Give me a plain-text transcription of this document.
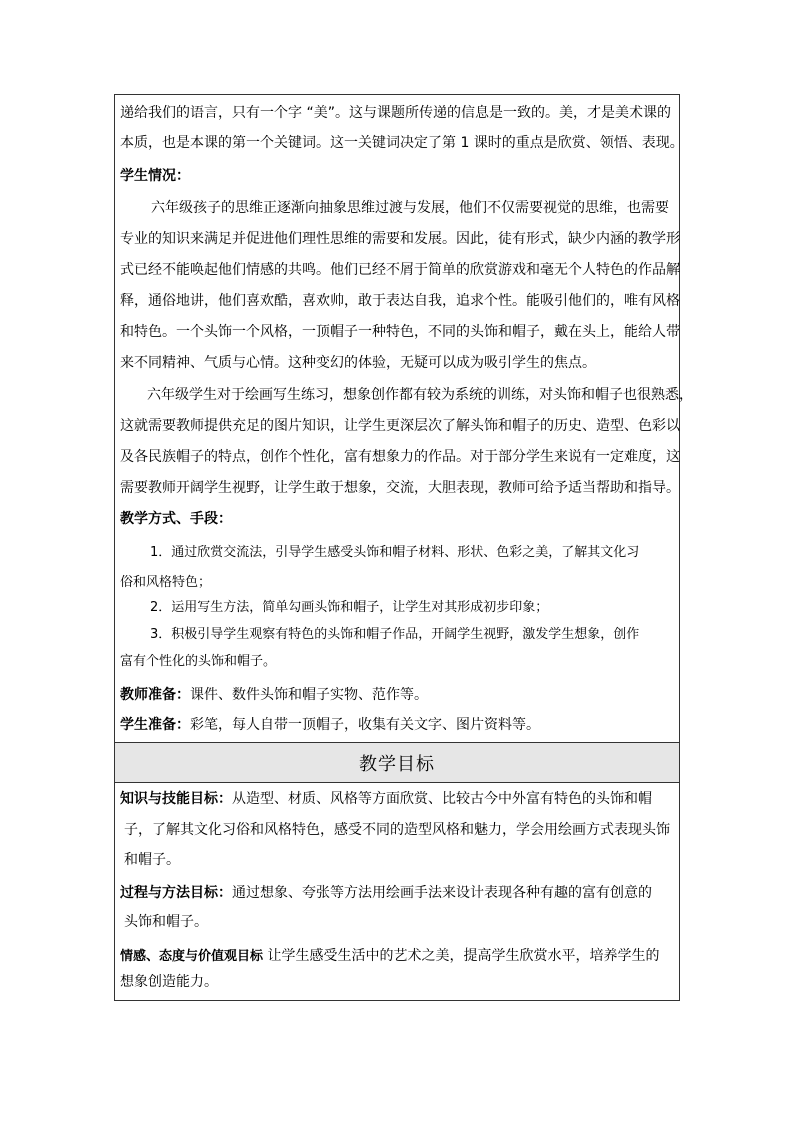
递给我们的语言，只有一个字 “美”。这与课题所传递的信息是一致的。美，才是美术课的
本质，也是本课的第一个关键词。这一关键词决定了第 1 课时的重点是欣赏、领悟、表现。
学生情况：
六年级孩子的思维正逐渐向抽象思维过渡与发展，他们不仅需要视觉的思维，也需要
专业的知识来满足并促进他们理性思维的需要和发展。因此，徒有形式，缺少内涵的教学形
式已经不能唤起他们情感的共鸣。他们已经不屑于简单的欣赏游戏和毫无个人特色的作品解
释，通俗地讲，他们喜欢酷，喜欢帅，敢于表达自我，追求个性。能吸引他们的，唯有风格
和特色。一个头饰一个风格，一顶帽子一种特色，不同的头饰和帽子，戴在头上，能给人带
来不同精神、气质与心情。这种变幻的体验，无疑可以成为吸引学生的焦点。
六年级学生对于绘画写生练习，想象创作都有较为系统的训练，对头饰和帽子也很熟悉，
这就需要教师提供充足的图片知识，让学生更深层次了解头饰和帽子的历史、造型、色彩以
及各民族帽子的特点，创作个性化，富有想象力的作品。对于部分学生来说有一定难度，这
需要教师开阔学生视野，让学生敢于想象，交流，大胆表现，教师可给予适当帮助和指导。
教学方式、手段：
1．通过欣赏交流法，引导学生感受头饰和帽子材料、形状、色彩之美，了解其文化习
俗和风格特色；
2．运用写生方法，简单勾画头饰和帽子，让学生对其形成初步印象；
3．积极引导学生观察有特色的头饰和帽子作品，开阔学生视野，激发学生想象，创作
富有个性化的头饰和帽子。
教师准备：课件、数件头饰和帽子实物、范作等。
学生准备：彩笔，每人自带一顶帽子，收集有关文字、图片资料等。
教学目标
知识与技能目标：从造型、材质、风格等方面欣赏、比较古今中外富有特色的头饰和帽
子，了解其文化习俗和风格特色，感受不同的造型风格和魅力，学会用绘画方式表现头饰
和帽子。
过程与方法目标：通过想象、夸张等方法用绘画手法来设计表现各种有趣的富有创意的
头饰和帽子。
情感、态度与价值观目标 让学生感受生活中的艺术之美，提高学生欣赏水平，培养学生的
想象创造能力。
